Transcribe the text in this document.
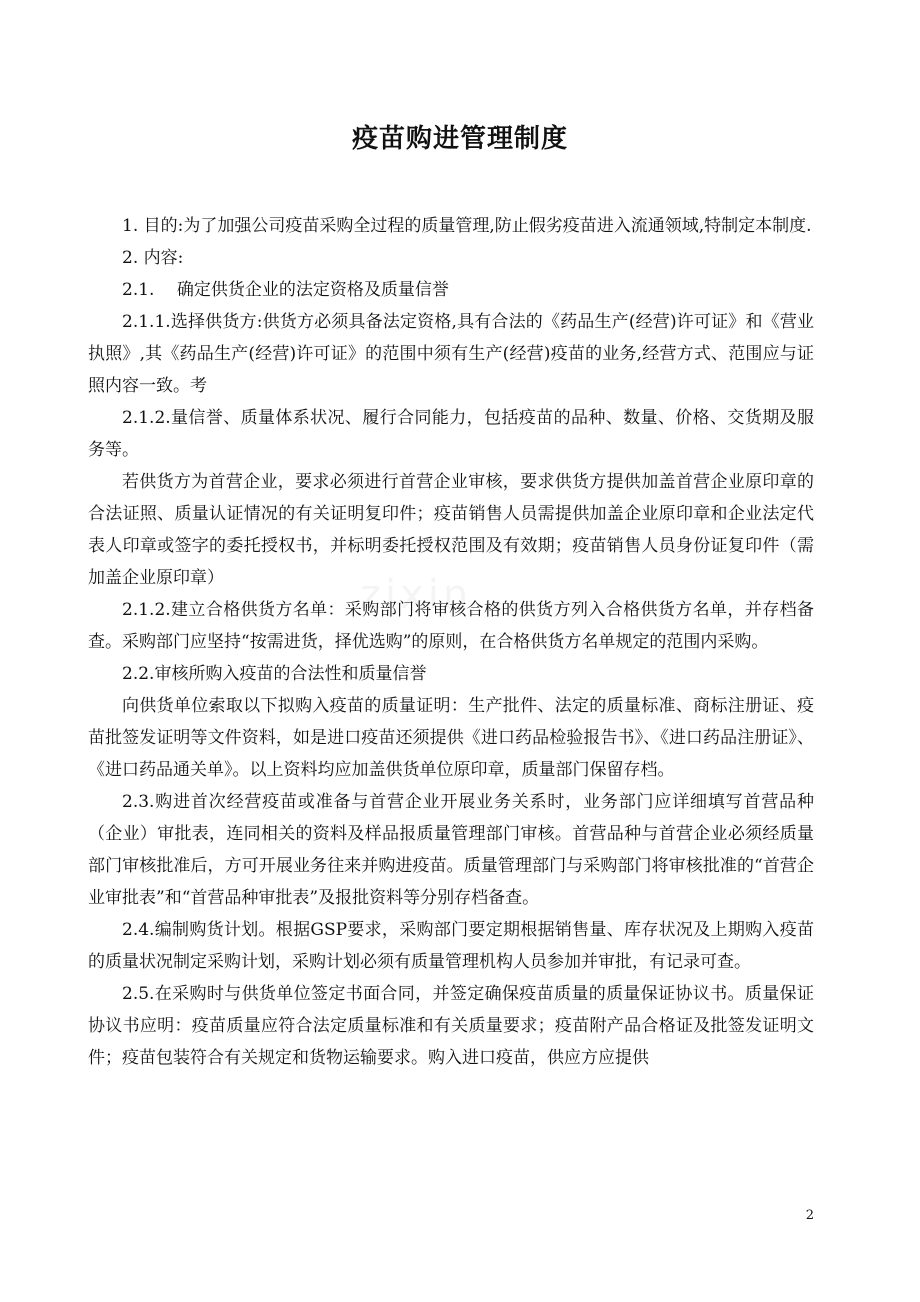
疫苗购进管理制度

1. 目的:为了加强公司疫苗采购全过程的质量管理,防止假劣疫苗进入流通领域,特制定本制度.

2. 内容:

2.1.　 确定供货企业的法定资格及质量信誉

2.1.1.选择供货方:供货方必须具备法定资格,具有合法的《药品生产(经营)许可证》和《营业执照》,其《药品生产(经营)许可证》的范围中须有生产(经营)疫苗的业务,经营方式、范围应与证照内容一致。考

2.1.2.量信誉、质量体系状况、履行合同能力，包括疫苗的品种、数量、价格、交货期及服务等。

若供货方为首营企业，要求必须进行首营企业审核，要求供货方提供加盖首营企业原印章的合法证照、质量认证情况的有关证明复印件；疫苗销售人员需提供加盖企业原印章和企业法定代表人印章或签字的委托授权书，并标明委托授权范围及有效期；疫苗销售人员身份证复印件（需加盖企业原印章）

2.1.2.建立合格供货方名单：采购部门将审核合格的供货方列入合格供货方名单，并存档备查。采购部门应坚持“按需进货，择优选购”的原则，在合格供货方名单规定的范围内采购。

2.2.审核所购入疫苗的合法性和质量信誉

向供货单位索取以下拟购入疫苗的质量证明：生产批件、法定的质量标准、商标注册证、疫苗批签发证明等文件资料，如是进口疫苗还须提供《进口药品检验报告书》、《进口药品注册证》、《进口药品通关单》。以上资料均应加盖供货单位原印章，质量部门保留存档。

2.3.购进首次经营疫苗或准备与首营企业开展业务关系时，业务部门应详细填写首营品种（企业）审批表，连同相关的资料及样品报质量管理部门审核。首营品种与首营企业必须经质量部门审核批准后，方可开展业务往来并购进疫苗。质量管理部门与采购部门将审核批准的“首营企业审批表”和“首营品种审批表”及报批资料等分别存档备查。

2.4.编制购货计划。根据GSP要求，采购部门要定期根据销售量、库存状况及上期购入疫苗的质量状况制定采购计划，采购计划必须有质量管理机构人员参加并审批，有记录可查。

2.5.在采购时与供货单位签定书面合同，并签定确保疫苗质量的质量保证协议书。质量保证协议书应明：疫苗质量应符合法定质量标准和有关质量要求；疫苗附产品合格证及批签发证明文件；疫苗包装符合有关规定和货物运输要求。购入进口疫苗，供应方应提供

2
